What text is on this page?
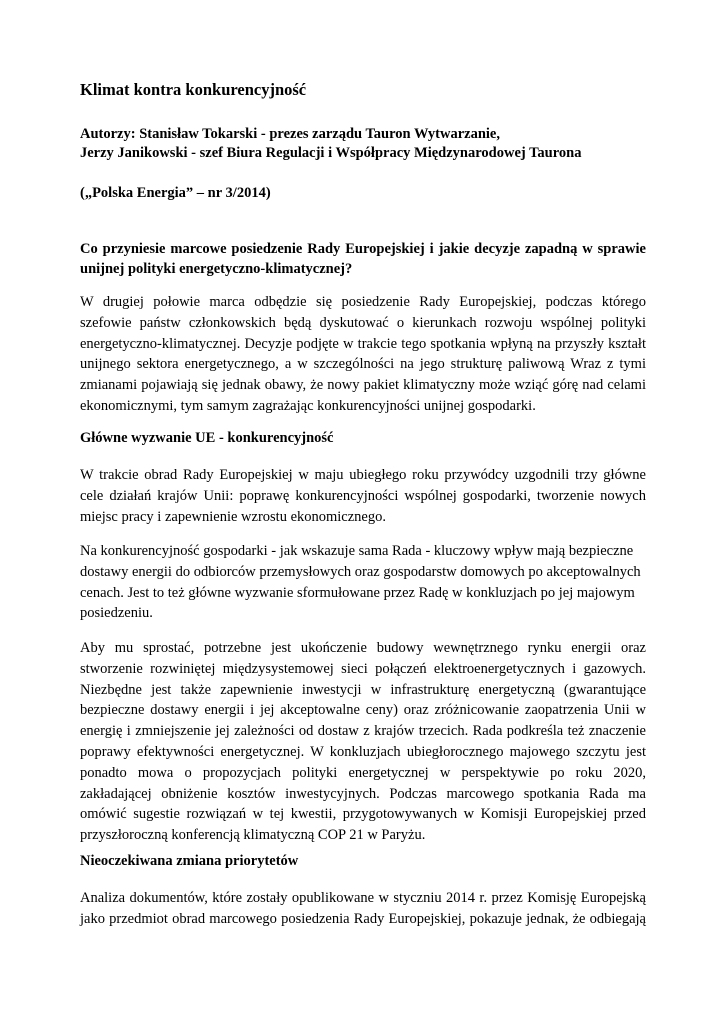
Klimat kontra konkurencyjność
Autorzy: Stanisław Tokarski - prezes zarządu Tauron Wytwarzanie,
Jerzy Janikowski - szef Biura Regulacji i Współpracy Międzynarodowej Taurona
(„Polska Energia” – nr 3/2014)
Co przyniesie marcowe posiedzenie Rady Europejskiej i jakie decyzje zapadną w sprawie
unijnej polityki energetyczno-klimatycznej?
W drugiej połowie marca odbędzie się posiedzenie Rady Europejskiej, podczas którego
szefowie państw członkowskich będą dyskutować o kierunkach rozwoju wspólnej polityki
energetyczno-klimatycznej. Decyzje podjęte w trakcie tego spotkania wpłyną na przyszły kształt
unijnego sektora energetycznego, a w szczególności na jego strukturę paliwową Wraz z tymi
zmianami pojawiają się jednak obawy, że nowy pakiet klimatyczny może wziąć górę nad celami
ekonomicznymi, tym samym zagrażając konkurencyjności unijnej gospodarki.
Główne wyzwanie UE - konkurencyjność
W trakcie obrad Rady Europejskiej w maju ubiegłego roku przywódcy uzgodnili trzy główne
cele działań krajów Unii: poprawę konkurencyjności wspólnej gospodarki, tworzenie nowych
miejsc pracy i zapewnienie wzrostu ekonomicznego.
Na konkurencyjność gospodarki - jak wskazuje sama Rada - kluczowy wpływ mają bezpieczne
dostawy energii do odbiorców przemysłowych oraz gospodarstw domowych po akceptowalnych
cenach. Jest to też główne wyzwanie sformułowane przez Radę w konkluzjach po jej majowym
posiedzeniu.
Aby mu sprostać, potrzebne jest ukończenie budowy wewnętrznego rynku energii oraz
stworzenie rozwiniętej międzysystemowej sieci połączeń elektroenergetycznych i gazowych.
Niezbędne jest także zapewnienie inwestycji w infrastrukturę energetyczną (gwarantujące
bezpieczne dostawy energii i jej akceptowalne ceny) oraz zróżnicowanie zaopatrzenia Unii w
energię i zmniejszenie jej zależności od dostaw z krajów trzecich. Rada podkreśla też znaczenie
poprawy efektywności energetycznej. W konkluzjach ubiegłorocznego majowego szczytu jest
ponadto mowa o propozycjach polityki energetycznej w perspektywie po roku 2020,
zakładającej obniżenie kosztów inwestycyjnych. Podczas marcowego spotkania Rada ma
omówić sugestie rozwiązań w tej kwestii, przygotowywanych w Komisji Europejskiej przed
przyszłoroczną konferencją klimatyczną COP 21 w Paryżu.
Nieoczekiwana zmiana priorytetów
Analiza dokumentów, które zostały opublikowane w styczniu 2014 r. przez Komisję Europejską
jako przedmiot obrad marcowego posiedzenia Rady Europejskiej, pokazuje jednak, że odbiegają
